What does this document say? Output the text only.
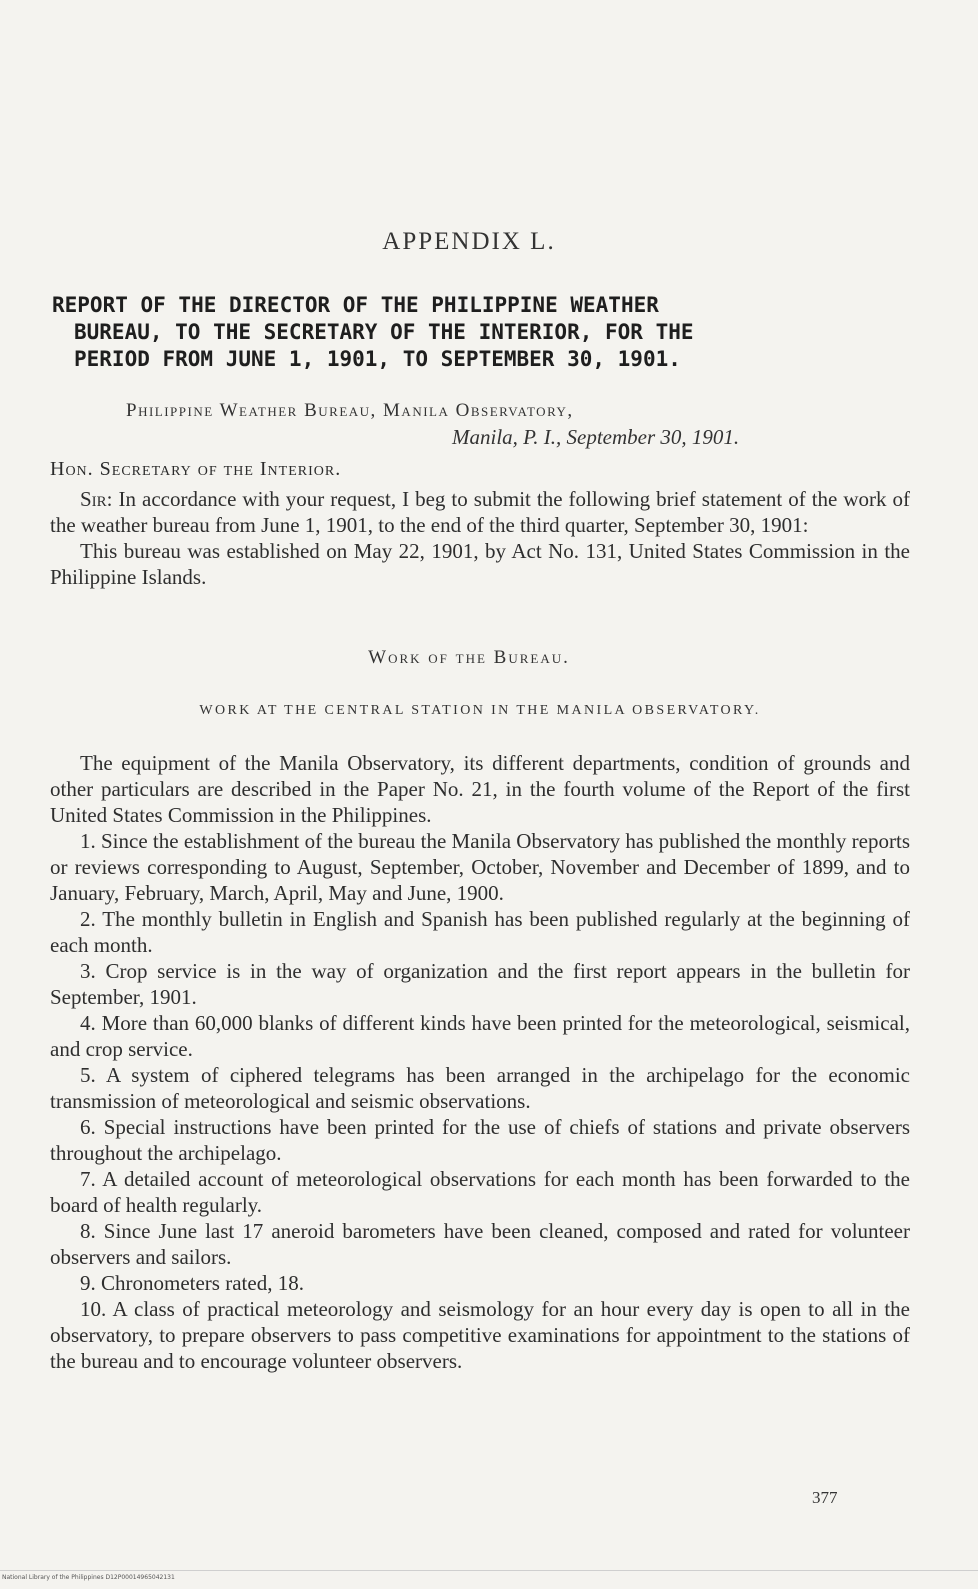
APPENDIX L.
REPORT OF THE DIRECTOR OF THE PHILIPPINE WEATHER
BUREAU, TO THE SECRETARY OF THE INTERIOR, FOR THE
PERIOD FROM JUNE 1, 1901, TO SEPTEMBER 30, 1901.
Philippine Weather Bureau, Manila Observatory,
Manila, P. I., September 30, 1901.
Hon. Secretary of the Interior.

Sir: In accordance with your request, I beg to submit the following brief statement of the work of the weather bureau from June 1, 1901, to the end of the third quarter, September 30, 1901:

This bureau was established on May 22, 1901, by Act No. 131, United States Commission in the Philippine Islands.

Work of the Bureau.
WORK AT THE CENTRAL STATION IN THE MANILA OBSERVATORY.

The equipment of the Manila Observatory, its different departments, condition of grounds and other particulars are described in the Paper No. 21, in the fourth volume of the Report of the first United States Commission in the Philippines.

1. Since the establishment of the bureau the Manila Observatory has published the monthly reports or reviews corresponding to August, September, October, November and December of 1899, and to January, February, March, April, May and June, 1900.

2. The monthly bulletin in English and Spanish has been published regularly at the beginning of each month.

3. Crop service is in the way of organization and the first report appears in the bulletin for September, 1901.

4. More than 60,000 blanks of different kinds have been printed for the meteorological, seismical, and crop service.

5. A system of ciphered telegrams has been arranged in the archipelago for the economic transmission of meteorological and seismic observations.

6. Special instructions have been printed for the use of chiefs of stations and private observers throughout the archipelago.

7. A detailed account of meteorological observations for each month has been forwarded to the board of health regularly.

8. Since June last 17 aneroid barometers have been cleaned, composed and rated for volunteer observers and sailors.

9. Chronometers rated, 18.

10. A class of practical meteorology and seismology for an hour every day is open to all in the observatory, to prepare observers to pass competitive examinations for appointment to the stations of the bureau and to encourage volunteer observers.

377
National Library of the Philippines D12P00014965042131
